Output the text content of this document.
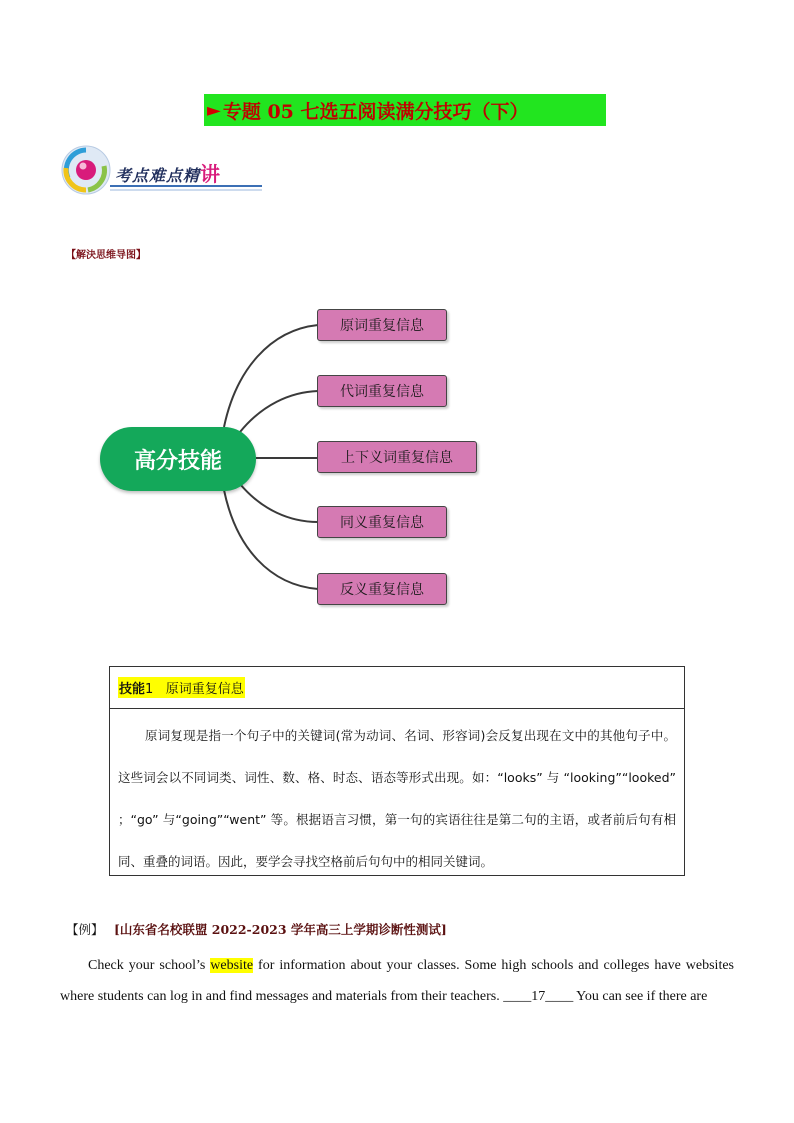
► 专题 05 七选五阅读满分技巧（下）
考点难点精讲
【解決思维导图】
高分技能
原词重复信息
代词重复信息
上下义词重复信息
同义重复信息
反义重复信息
技能1 原词重复信息
原词复现是指一个句子中的关键词(常为动词、名词、形容词)会反复出现在文中的其他句子中。这些词会以不同词类、词性、数、格、时态、语态等形式出现。如：“looks” 与 “looking”“looked” ；“go” 与“going”“went” 等。根据语言习惯，第一句的宾语往往是第二句的主语，或者前后句有相同、重叠的词语。因此，要学会寻找空格前后句句中的相同关键词。
【例】 [山东省名校联盟 2022-2023 学年高三上学期诊断性测试]
Check your school’s website for information about your classes. Some high schools and colleges have websites where students can log in and find messages and materials from their teachers. ____17____ You can see if there are
